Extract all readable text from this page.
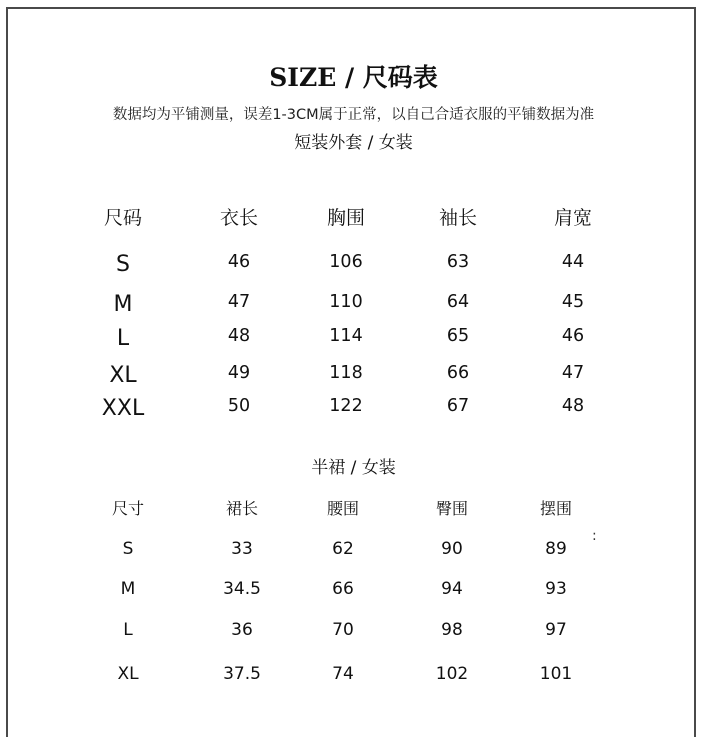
SIZE / 尺码表
数据均为平铺测量，误差1-3CM属于正常，以自己合适衣服的平铺数据为准
短装外套 / 女装
尺码	衣长	胸围	袖长	肩宽
S	46	106	63	44
M	47	110	64	45
L	48	114	65	46
XL	49	118	66	47
XXL	50	122	67	48
半裙 / 女装
尺寸	裙长	腰围	臀围	摆围
S	33	62	90	89
M	34.5	66	94	93
L	36	70	98	97
XL	37.5	74	102	101
:
